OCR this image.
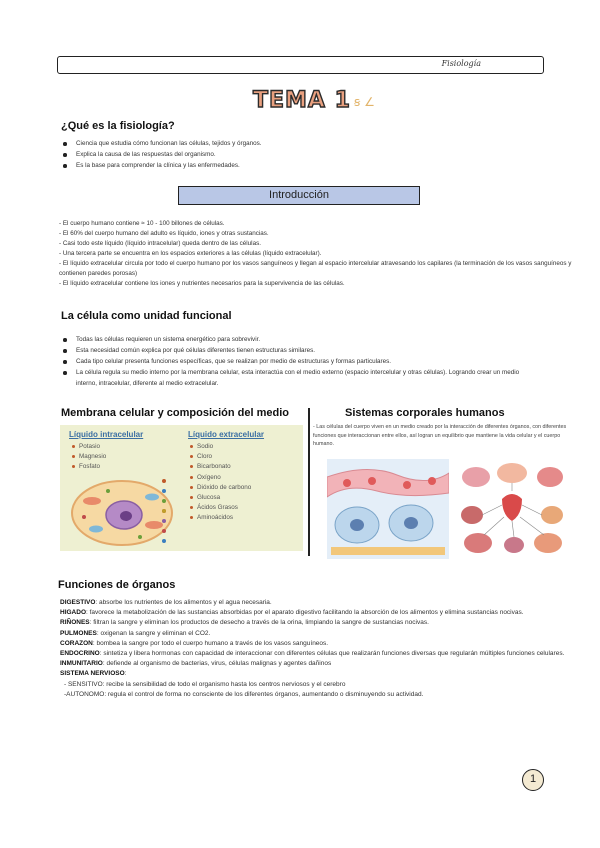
Fisiología
TEMA 1 ꞩ ∠
¿Qué es la fisiología?
Ciencia que estudia cómo funcionan las células, tejidos y órganos.
Explica la causa de las respuestas del organismo.
Es la base para comprender la clínica y las enfermedades.
Introducción

- El cuerpo humano contiene ≈ 10 - 100 billones de células.

- El 60% del cuerpo humano del adulto es líquido, iones y otras sustancias.

- Casi todo este líquido (líquido intracelular) queda dentro de las células.

- Una tercera parte se encuentra en los espacios exteriores a las células (líquido extracelular).

- El líquido extracelular circula por todo el cuerpo humano por los vasos sanguíneos y llegan al espacio intercelular atravesando los capilares (la terminación de los vasos sanguíneos y contienen paredes porosas)

- El líquido extracelular contiene los iones y nutrientes necesarios para la supervivencia de las células.

La célula como unidad funcional
Todas las células requieren un sistema energético para sobrevivir.
Esta necesidad común explica por qué células diferentes tienen estructuras similares.
Cada tipo celular presenta funciones específicas, que se realizan por medio de estructuras y formas particulares.
La célula regula su medio interno por la membrana celular, esta interactúa con el medio externo (espacio intercelular y otras células). Logrando crear un medio interno, intracelular, diferente al medio extracelular.
Membrana celular y composición del medio
Líquido intracelular
Potasio
Magnesio
Fosfato
Líquido extracelular
Sodio
Cloro
Bicarbonato
Oxígeno
Dióxido de carbono
Glucosa
Ácidos Grasos
Aminoácidos
Sistemas corporales humanos
- Las células del cuerpo viven en un medio creado por la interacción de diferentes órganos, con diferentes funciones que interaccionan entre ellos, así logran un equilibrio que mantiene la vida celular y el cuerpo humano.
Funciones de órganos

DIGESTIVO: absorbe los nutrientes de los alimentos y el agua necesaria.

HIGADO: favorece la metabolización de las sustancias absorbidas por el aparato digestivo facilitando la absorción de los alimentos y elimina sustancias nocivas.

RIÑONES: filtran la sangre y eliminan los productos de desecho a través de la orina, limpiando la sangre de sustancias nocivas.

PULMONES: oxigenan la sangre y eliminan el CO2.

CORAZON: bombea la sangre por todo el cuerpo humano a través de los vasos sanguíneos.

ENDOCRINO: sintetiza y libera hormonas con capacidad de interaccionar con diferentes células que realizarán funciones diversas que regularán múltiples funciones celulares.

INMUNITARIO: defiende al organismo de bacterias, virus, células malignas y agentes dañinos

SISTEMA NERVIOSO:

- SENSITIVO: recibe la sensibilidad de todo el organismo hasta los centros nerviosos y el cerebro

-AUTONOMO: regula el control de forma no consciente de los diferentes órganos, aumentando o disminuyendo su actividad.

1
